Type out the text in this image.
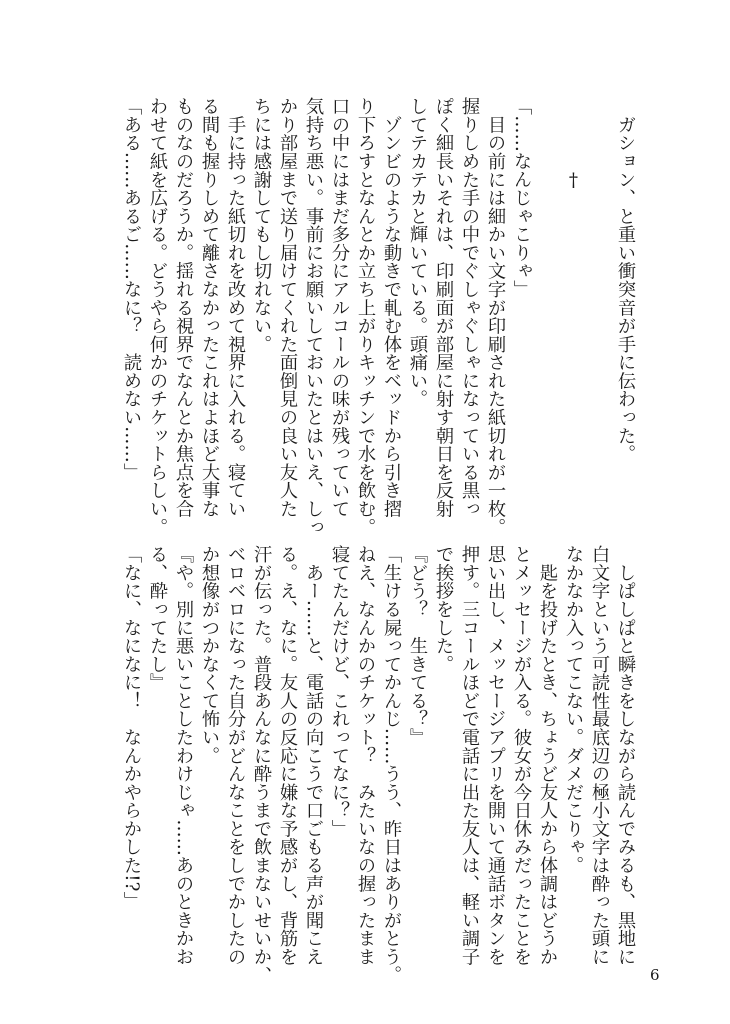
　ガション、と重い衝突音が手に伝わった。
　　　　†
「……なんじゃこりゃ」
　目の前には細かい文字が印刷された紙切れが一枚。
握りしめた手の中でぐしゃぐしゃになっている黒っ
ぽく細長いそれは、印刷面が部屋に射す朝日を反射
してテカテカと輝いている。頭痛い。
　ゾンビのような動きで軋む体をベッドから引き摺
り下ろすとなんとか立ち上がりキッチンで水を飲む。
口の中にはまだ多分にアルコールの味が残っていて
気持ち悪い。事前にお願いしておいたとはいえ、しっ
かり部屋まで送り届けてくれた面倒見の良い友人た
ちには感謝してもし切れない。
　手に持った紙切れを改めて視界に入れる。寝てい
る間も握りしめて離さなかったこれはよほど大事な
ものなのだろうか。揺れる視界でなんとか焦点を合
わせて紙を広げる。どうやら何かのチケットらしい。
「ある……あるご……なに？　読めない……」
　しぱしぱと瞬きをしながら読んでみるも、黒地に
白文字という可読性最底辺の極小文字は酔った頭に
なかなか入ってこない。ダメだこりゃ。
　匙を投げたとき、ちょうど友人から体調はどうか
とメッセージが入る。彼女が今日休みだったことを
思い出し、メッセージアプリを開いて通話ボタンを
押す。三コールほどで電話に出た友人は、軽い調子
で挨拶をした。
『どう？　生きてる？』
「生ける屍ってかんじ……うう、昨日はありがとう。
ねえ、なんかのチケット？　みたいなの握ったまま
寝てたんだけど、これってなに？」
　あー……と、電話の向こうで口ごもる声が聞こえ
る。え、なに。友人の反応に嫌な予感がし、背筋を
汗が伝った。普段あんなに酔うまで飲まないせいか、
ベロベロになった自分がどんなことをしでかしたの
か想像がつかなくて怖い。
『や。別に悪いことしたわけじゃ……あのときかお
る、酔ってたし』
「なに、なになに！　なんかやらかした!?」
6
